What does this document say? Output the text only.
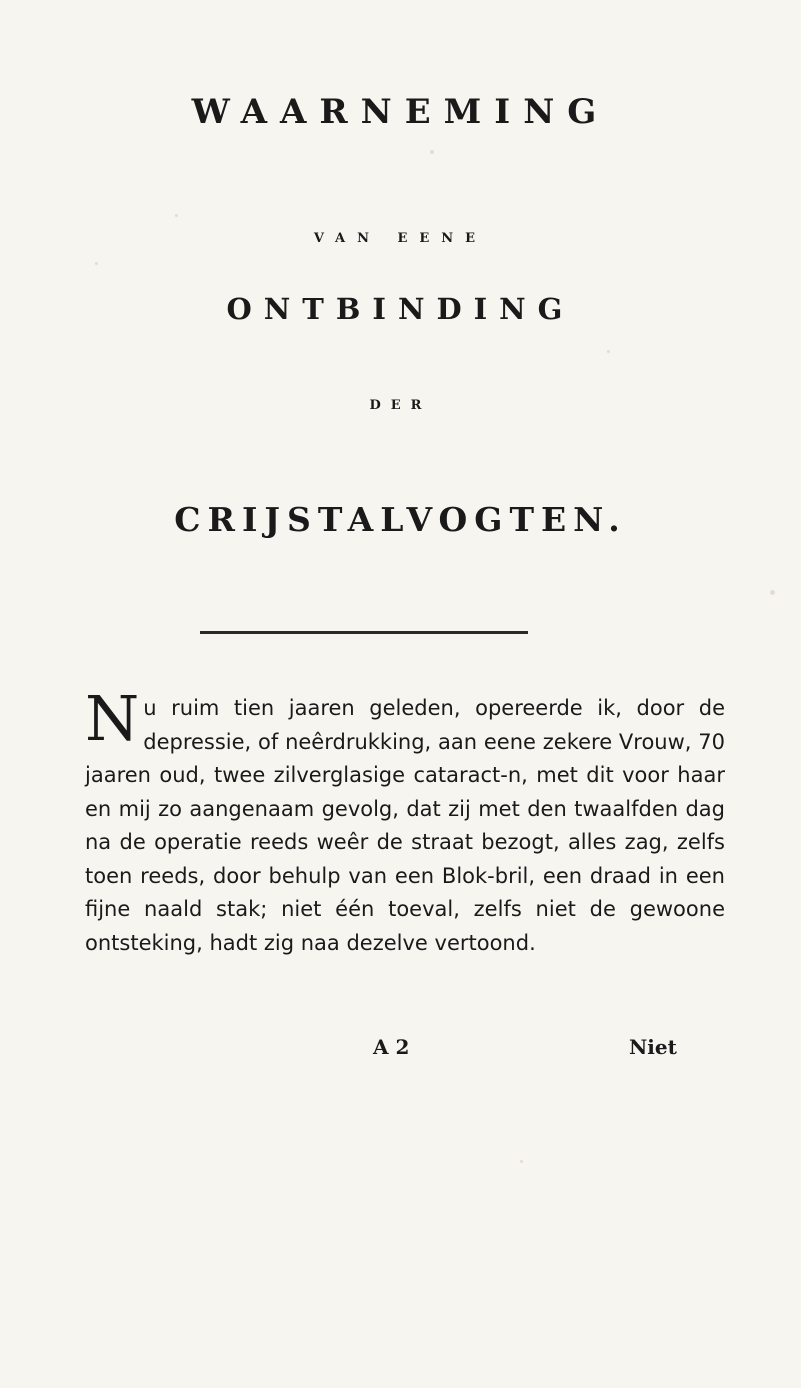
WAARNEMING
VAN EENE
ONTBINDING
DER
CRIJSTALVOGTEN.
N u ruim tien jaaren geleden, opereerde ik, door de depressie, of neêrdrukking, aan eene zekere Vrouw, 70 jaaren oud, twee zilverglasige cataract-n, met dit voor haar en mij zo aangenaam gevolg, dat zij met den twaalfden dag na de operatie reeds weêr de straat bezogt, alles zag, zelfs toen reeds, door behulp van een Blok-bril, een draad in een fijne naald stak; niet één toeval, zelfs niet de gewoone ontsteking, hadt zig naa dezelve vertoond.

A 2	Niet
